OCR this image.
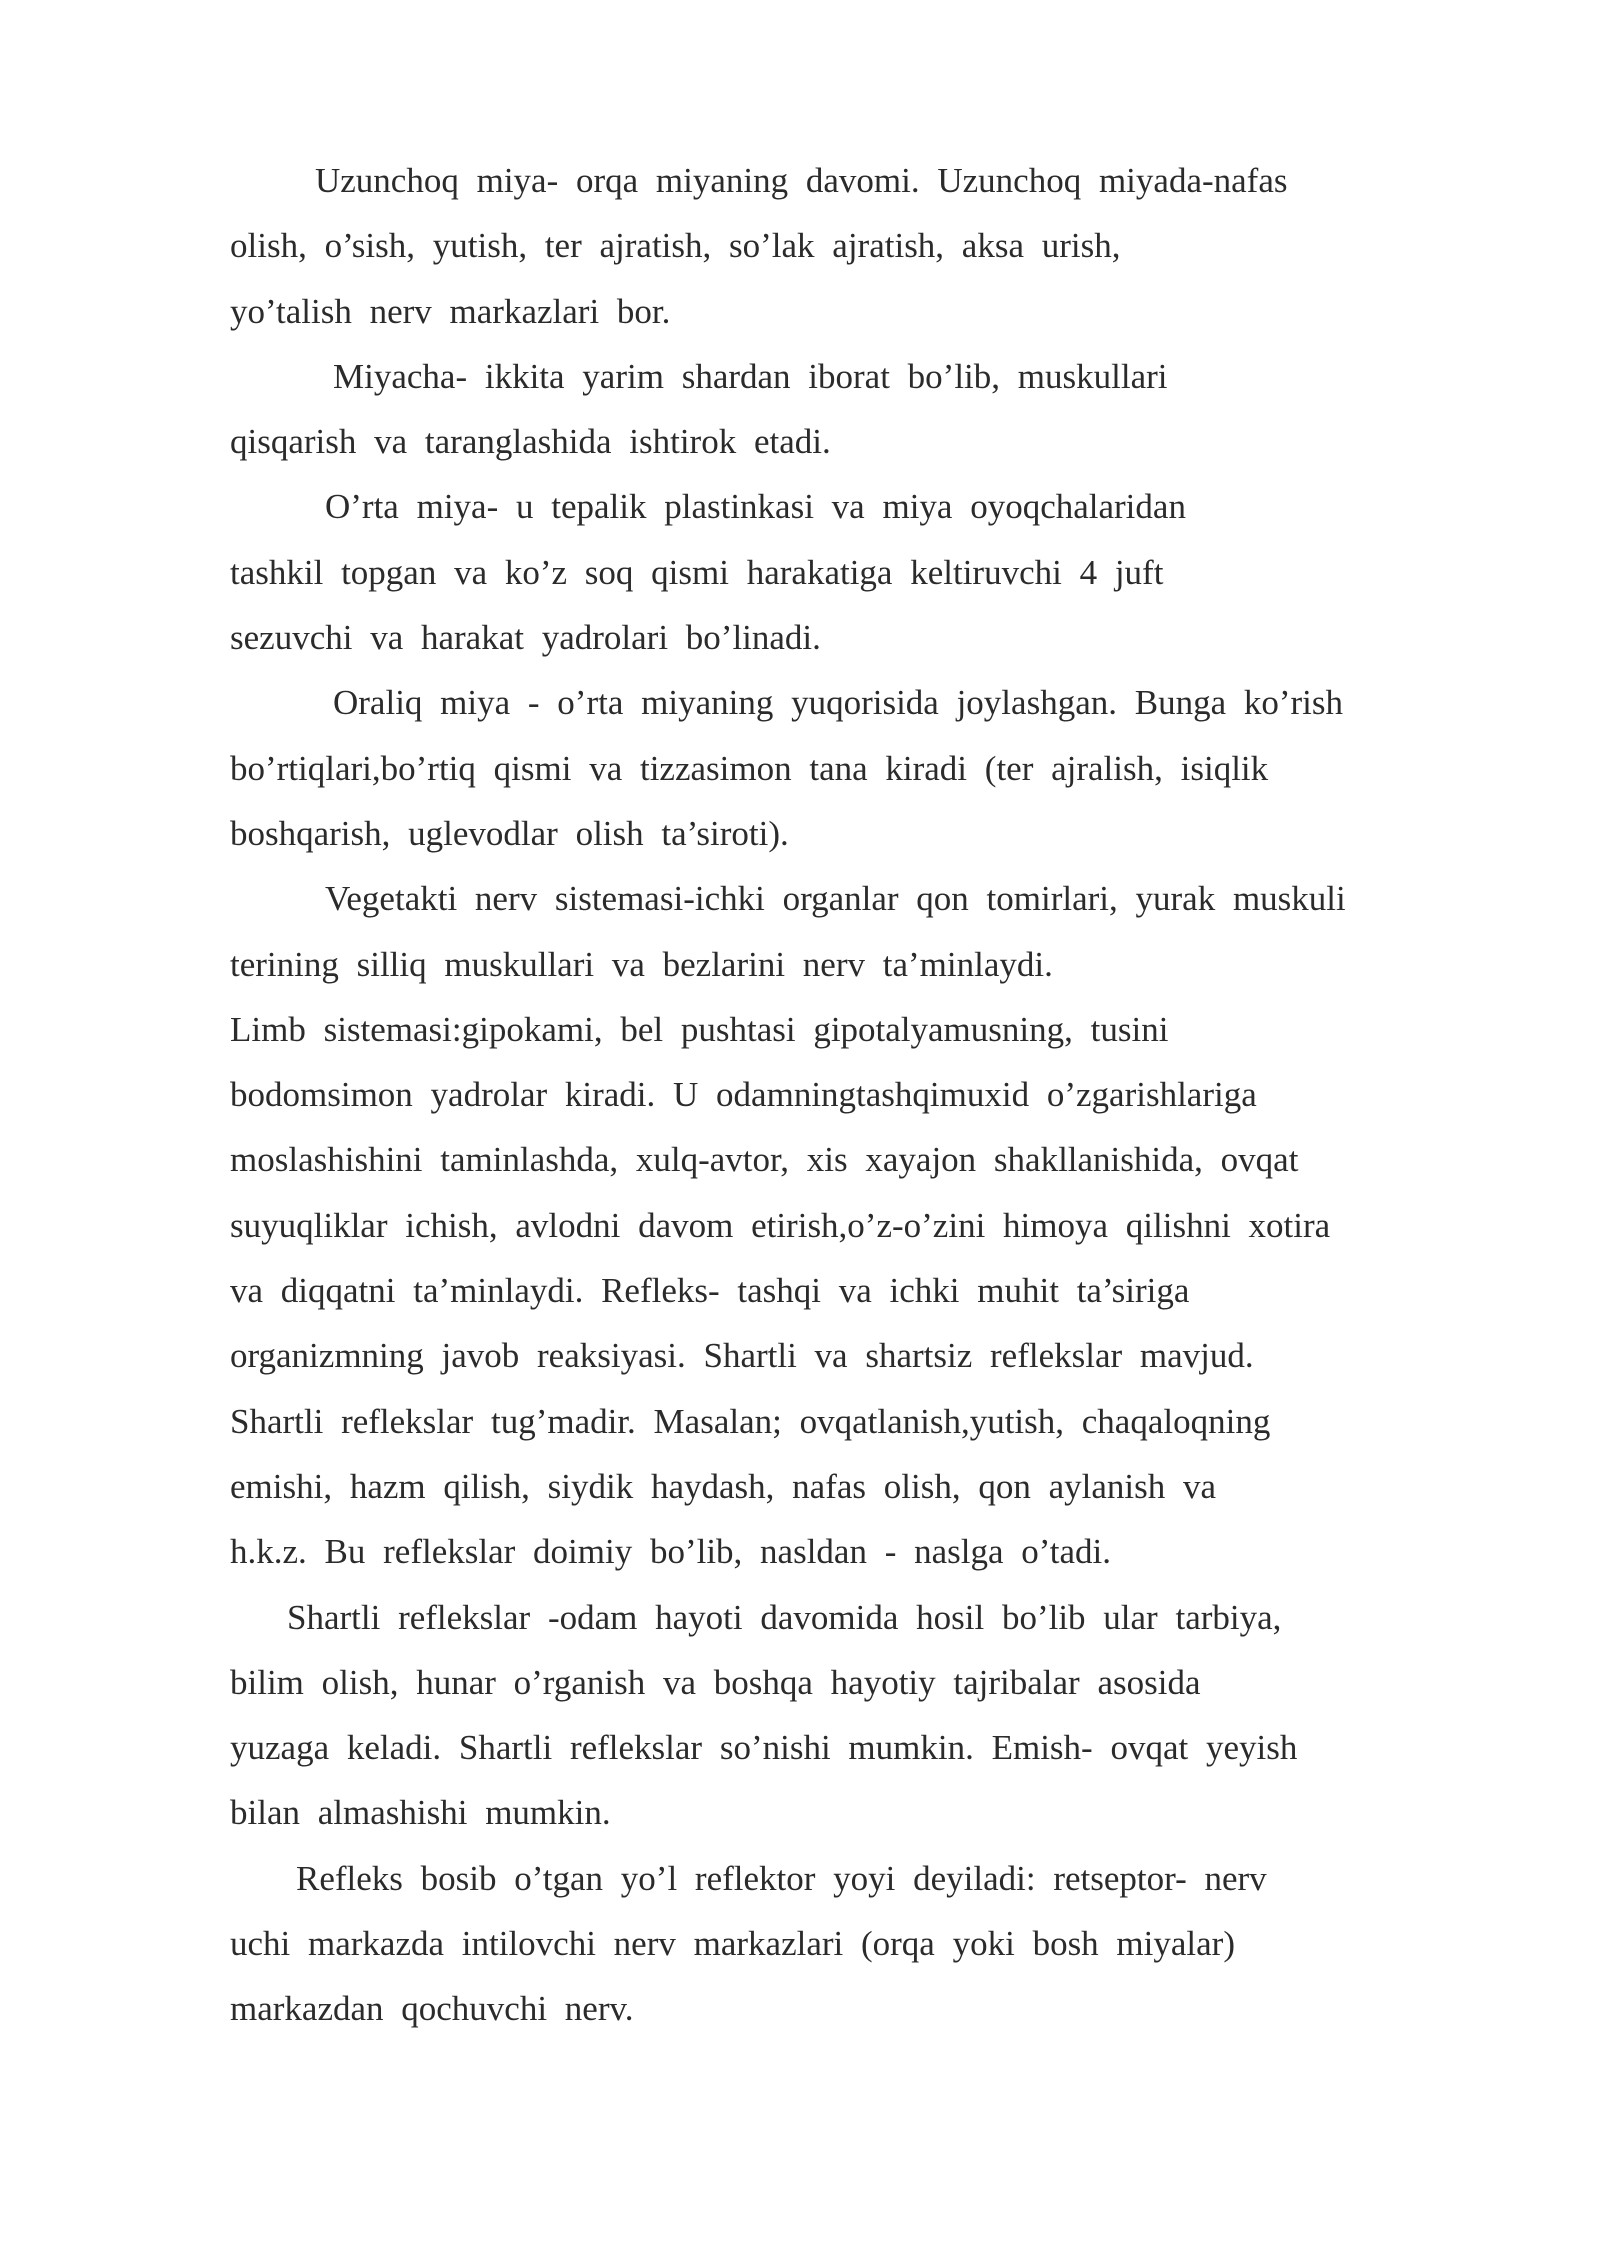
Uzunchoq miya- orqa miyaning davomi. Uzunchoq miyada-nafas
olish, o’sish, yutish, ter ajratish, so’lak ajratish, aksa urish,
yo’talish nerv markazlari bor.
Miyacha- ikkita yarim shardan iborat bo’lib, muskullari
qisqarish va taranglashida ishtirok etadi.
O’rta miya- u tepalik plastinkasi va miya oyoqchalaridan
tashkil topgan va ko’z soq qismi harakatiga keltiruvchi 4 juft
sezuvchi va harakat yadrolari bo’linadi.
Oraliq miya - o’rta miyaning yuqorisida joylashgan. Bunga ko’rish
bo’rtiqlari,bo’rtiq qismi va tizzasimon tana kiradi (ter ajralish, isiqlik
boshqarish, uglevodlar olish ta’siroti).
Vegetakti nerv sistemasi-ichki organlar qon tomirlari, yurak muskuli
terining silliq muskullari va bezlarini nerv ta’minlaydi.
Limb sistemasi:gipokami, bel pushtasi gipotalyamusning, tusini
bodomsimon yadrolar kiradi. U odamningtashqimuxid o’zgarishlariga
moslashishini taminlashda, xulq-avtor, xis xayajon shakllanishida, ovqat
suyuqliklar ichish, avlodni davom etirish,o’z-o’zini himoya qilishni xotira
va diqqatni ta’minlaydi. Refleks- tashqi va ichki muhit ta’siriga
organizmning javob reaksiyasi. Shartli va shartsiz reflekslar mavjud.
Shartli reflekslar tug’madir. Masalan; ovqatlanish,yutish, chaqaloqning
emishi, hazm qilish, siydik haydash, nafas olish, qon aylanish va
h.k.z. Bu reflekslar doimiy bo’lib, nasldan - naslga o’tadi.
Shartli reflekslar -odam hayoti davomida hosil bo’lib ular tarbiya,
bilim olish, hunar o’rganish va boshqa hayotiy tajribalar asosida
yuzaga keladi. Shartli reflekslar so’nishi mumkin. Emish- ovqat yeyish
bilan almashishi mumkin.
Refleks bosib o’tgan yo’l reflektor yoyi deyiladi: retseptor- nerv
uchi markazda intilovchi nerv markazlari (orqa yoki bosh miyalar)
markazdan qochuvchi nerv.
